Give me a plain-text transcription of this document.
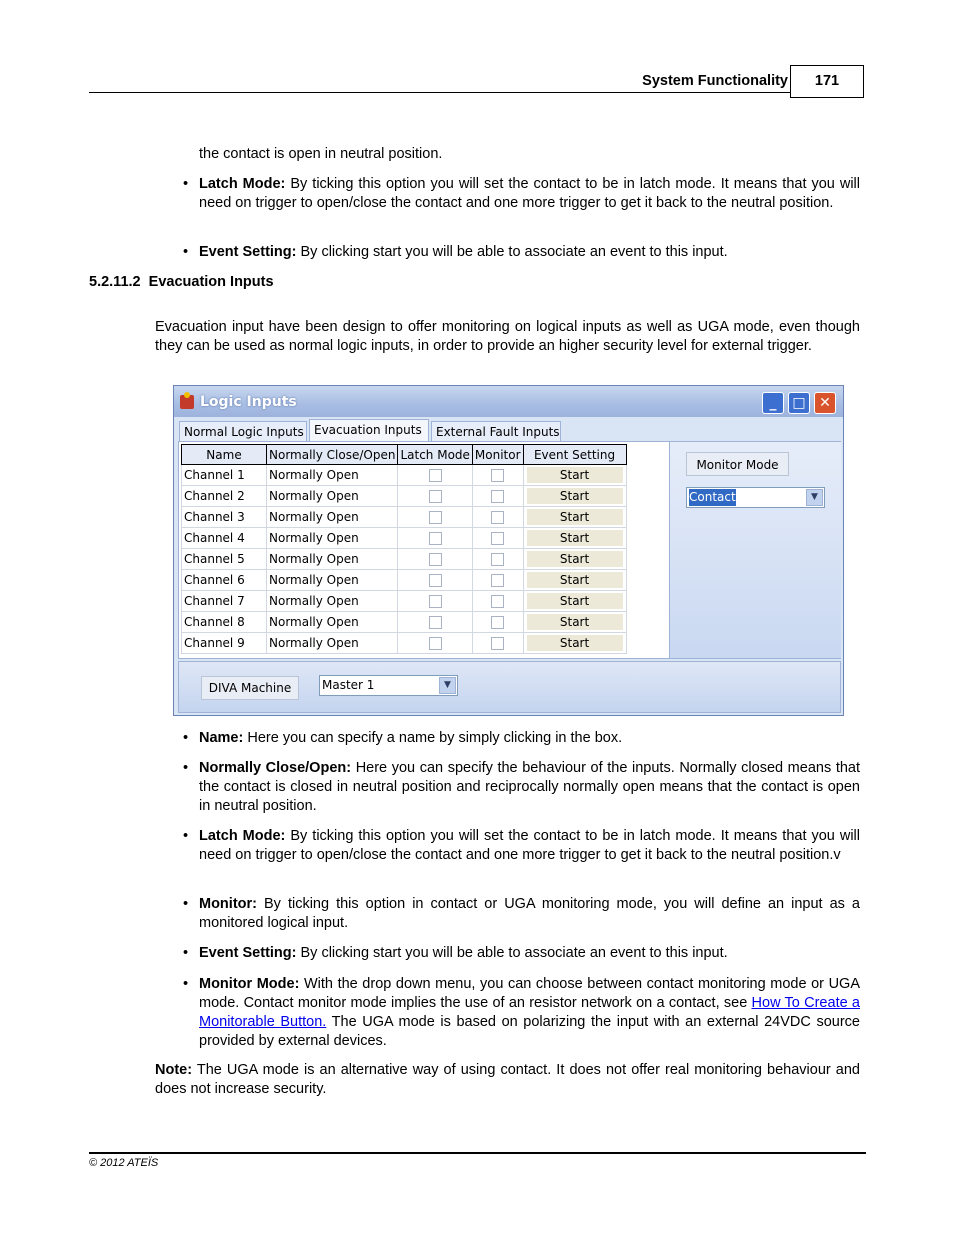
System Functionality	171
the contact is open in neutral position.
• Latch Mode: By ticking this option you will set the contact to be in latch mode. It means that you will need on trigger to open/close the contact and one more trigger to get it back to the neutral position.
• Event Setting: By clicking start you will be able to associate an event to this input.
5.2.11.2  Evacuation Inputs
Evacuation input have been design to offer monitoring on logical inputs as well as UGA mode, even though they can be used as normal logic inputs, in order to provide an higher security level for external trigger.
Logic Inputs	_	□ ✕
Normal Logic Inputs Evacuation Inputs	External Fault Inputs
Name	Normally Close/Open	Latch Mode	Monitor	Event Setting
Channel 1	Normally Open			Start

Channel 2	Normally Open			Start

Channel 3	Normally Open			Start

Channel 4	Normally Open			Start

Channel 5	Normally Open			Start

Channel 6	Normally Open			Start

Channel 7	Normally Open			Start

Channel 8	Normally Open			Start

Channel 9	Normally Open			Start
Monitor Mode
Contact	▼
DIVA Machine	Master 1	▼
• Name: Here you can specify a name by simply clicking in the box.
• Normally Close/Open: Here you can specify the behaviour of the inputs. Normally closed means that the contact is closed in neutral position and reciprocally normally open means that the contact is open in neutral position.
• Latch Mode: By ticking this option you will set the contact to be in latch mode. It means that you will need on trigger to open/close the contact and one more trigger to get it back to the neutral position.v
• Monitor: By ticking this option in contact or UGA monitoring mode, you will define an input as a monitored logical input.
• Event Setting: By clicking start you will be able to associate an event to this input.
• Monitor Mode: With the drop down menu, you can choose between contact monitoring mode or UGA mode. Contact monitor mode implies the use of an resistor network on a contact, see How To Create a Monitorable Button. The UGA mode is based on polarizing the input with an external 24VDC source provided by external devices.
Note: The UGA mode is an alternative way of using contact. It does not offer real monitoring behaviour and does not increase security.
© 2012 ATEÏS
